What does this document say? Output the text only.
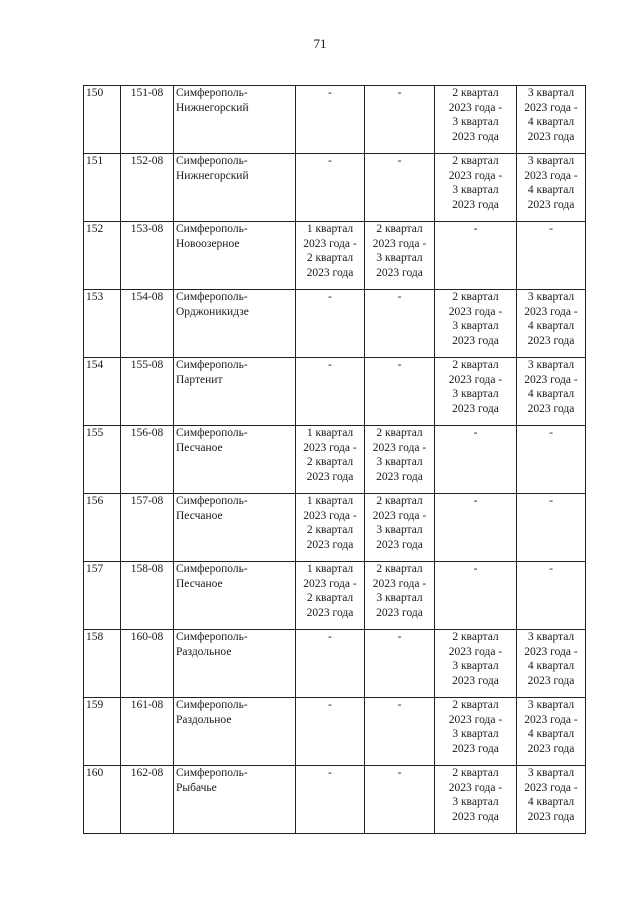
71
150	151-08	Симферополь-
Нижнегорский	-	-	2 квартал
2023 года -
3 квартал
2023 года	3 квартал
2023 года -
4 квартал
2023 года

151	152-08	Симферополь-
Нижнегорский	-	-	2 квартал
2023 года -
3 квартал
2023 года	3 квартал
2023 года -
4 квартал
2023 года

152	153-08	Симферополь-
Новоозерное	1 квартал
2023 года -
2 квартал
2023 года	2 квартал
2023 года -
3 квартал
2023 года	-	-

153	154-08	Симферополь-
Орджоникидзе	-	-	2 квартал
2023 года -
3 квартал
2023 года	3 квартал
2023 года -
4 квартал
2023 года

154	155-08	Симферополь-
Партенит	-	-	2 квартал
2023 года -
3 квартал
2023 года	3 квартал
2023 года -
4 квартал
2023 года

155	156-08	Симферополь-
Песчаное	1 квартал
2023 года -
2 квартал
2023 года	2 квартал
2023 года -
3 квартал
2023 года	-	-

156	157-08	Симферополь-
Песчаное	1 квартал
2023 года -
2 квартал
2023 года	2 квартал
2023 года -
3 квартал
2023 года	-	-

157	158-08	Симферополь-
Песчаное	1 квартал
2023 года -
2 квартал
2023 года	2 квартал
2023 года -
3 квартал
2023 года	-	-

158	160-08	Симферополь-
Раздольное	-	-	2 квартал
2023 года -
3 квартал
2023 года	3 квартал
2023 года -
4 квартал
2023 года

159	161-08	Симферополь-
Раздольное	-	-	2 квартал
2023 года -
3 квартал
2023 года	3 квартал
2023 года -
4 квартал
2023 года

160	162-08	Симферополь-
Рыбачье	-	-	2 квартал
2023 года -
3 квартал
2023 года	3 квартал
2023 года -
4 квартал
2023 года
